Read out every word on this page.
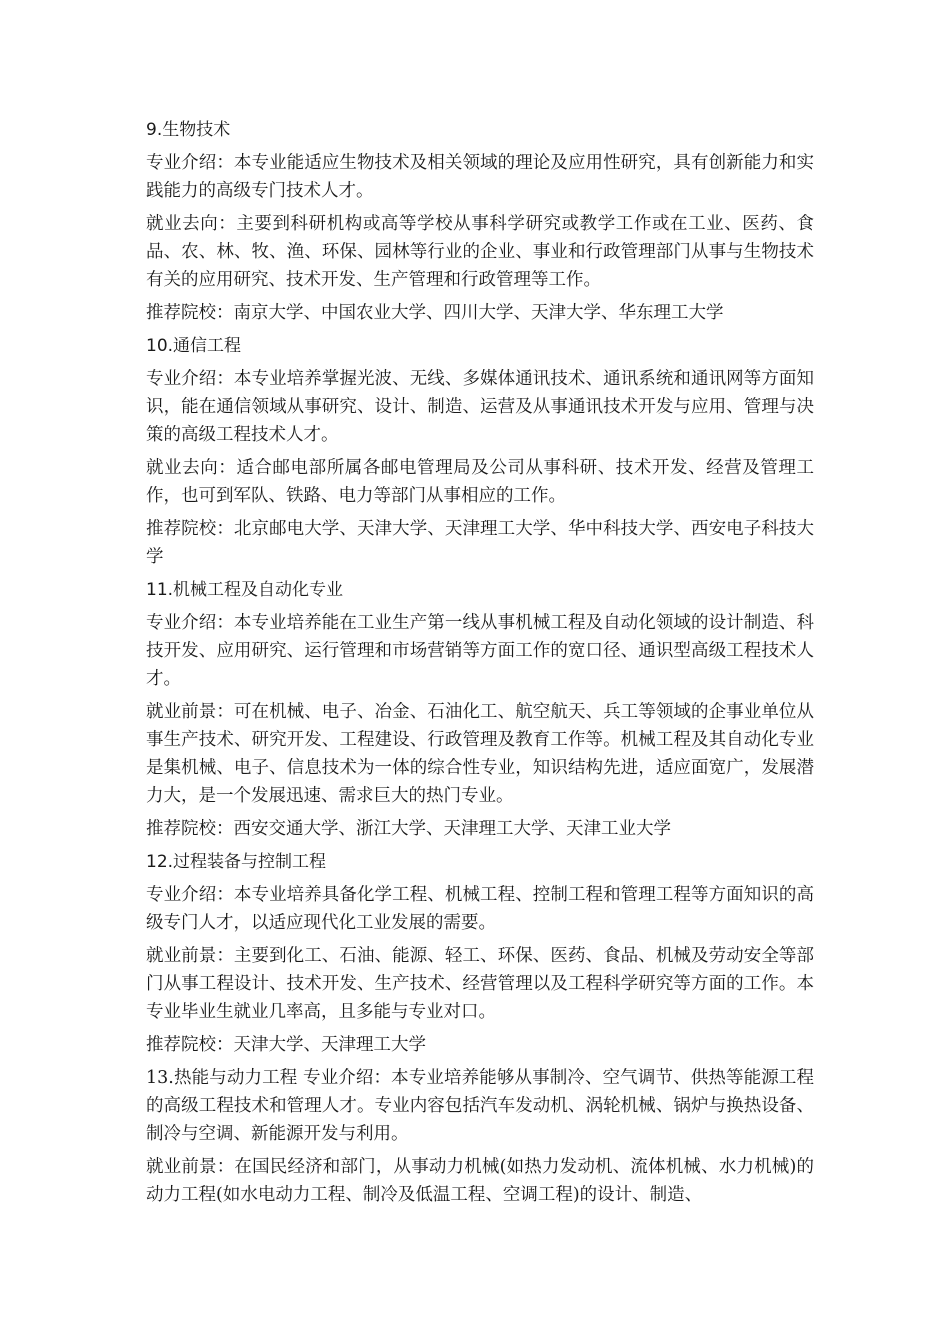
9.生物技术

专业介绍：本专业能适应生物技术及相关领域的理论及应用性研究，具有创新能力和实践能力的高级专门技术人才。

就业去向：主要到科研机构或高等学校从事科学研究或教学工作或在工业、医药、食品、农、林、牧、渔、环保、园林等行业的企业、事业和行政管理部门从事与生物技术有关的应用研究、技术开发、生产管理和行政管理等工作。

推荐院校：南京大学、中国农业大学、四川大学、天津大学、华东理工大学

10.通信工程

专业介绍：本专业培养掌握光波、无线、多媒体通讯技术、通讯系统和通讯网等方面知识，能在通信领域从事研究、设计、制造、运营及从事通讯技术开发与应用、管理与决策的高级工程技术人才。

就业去向：适合邮电部所属各邮电管理局及公司从事科研、技术开发、经营及管理工作，也可到军队、铁路、电力等部门从事相应的工作。

推荐院校：北京邮电大学、天津大学、天津理工大学、华中科技大学、西安电子科技大学

11.机械工程及自动化专业

专业介绍：本专业培养能在工业生产第一线从事机械工程及自动化领域的设计制造、科技开发、应用研究、运行管理和市场营销等方面工作的宽口径、通识型高级工程技术人才。

就业前景：可在机械、电子、冶金、石油化工、航空航天、兵工等领域的企事业单位从事生产技术、研究开发、工程建设、行政管理及教育工作等。机械工程及其自动化专业是集机械、电子、信息技术为一体的综合性专业，知识结构先进，适应面宽广，发展潜力大，是一个发展迅速、需求巨大的热门专业。

推荐院校：西安交通大学、浙江大学、天津理工大学、天津工业大学

12.过程装备与控制工程

专业介绍：本专业培养具备化学工程、机械工程、控制工程和管理工程等方面知识的高级专门人才，以适应现代化工业发展的需要。

就业前景：主要到化工、石油、能源、轻工、环保、医药、食品、机械及劳动安全等部门从事工程设计、技术开发、生产技术、经营管理以及工程科学研究等方面的工作。本专业毕业生就业几率高，且多能与专业对口。

推荐院校：天津大学、天津理工大学

13.热能与动力工程 专业介绍：本专业培养能够从事制冷、空气调节、供热等能源工程的高级工程技术和管理人才。专业内容包括汽车发动机、涡轮机械、锅炉与换热设备、制冷与空调、新能源开发与利用。

就业前景：在国民经济和部门，从事动力机械(如热力发动机、流体机械、水力机械)的动力工程(如水电动力工程、制冷及低温工程、空调工程)的设计、制造、
